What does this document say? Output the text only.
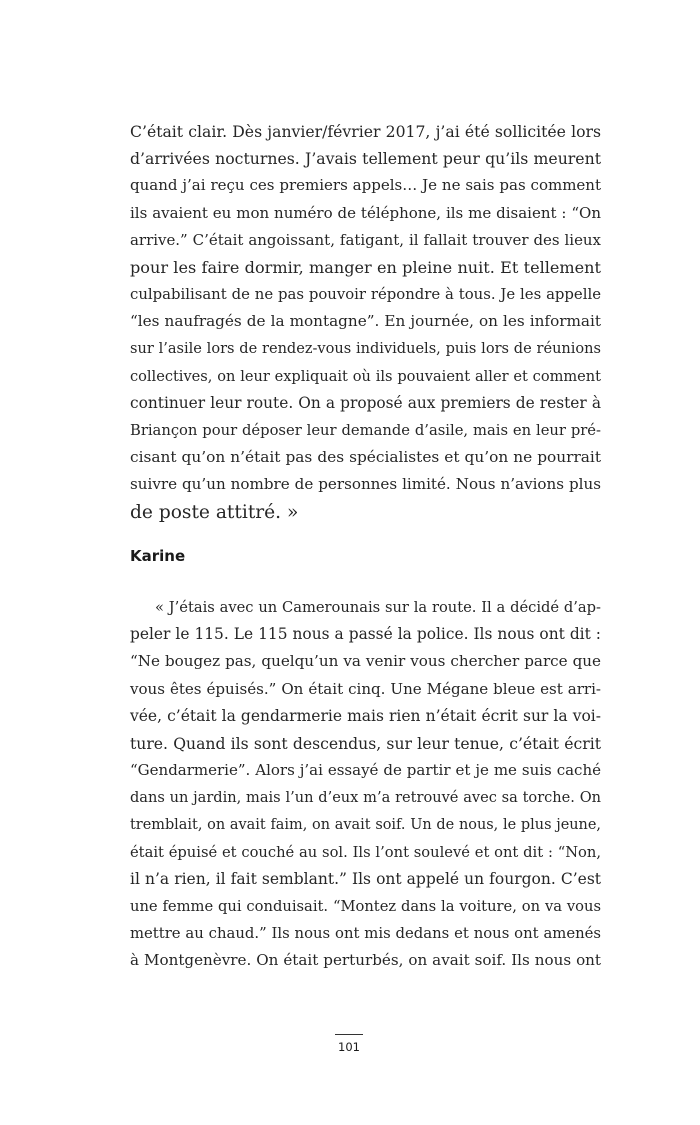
C’était clair. Dès janvier/février 2017, j’ai été sollicitée lors
d’arrivées nocturnes. J’avais tellement peur qu’ils meurent
quand j’ai reçu ces premiers appels… Je ne sais pas comment
ils avaient eu mon numéro de téléphone, ils me disaient : “On
arrive.” C’était angoissant, fatigant, il fallait trouver des lieux
pour les faire dormir, manger en pleine nuit. Et tellement
culpabilisant de ne pas pouvoir répondre à tous. Je les appelle
“les naufragés de la montagne”. En journée, on les informait
sur l’asile lors de rendez-vous individuels, puis lors de réunions
collectives, on leur expliquait où ils pouvaient aller et comment
continuer leur route. On a proposé aux premiers de rester à
Briançon pour déposer leur demande d’asile, mais en leur pré-
cisant qu’on n’était pas des spécialistes et qu’on ne pourrait
suivre qu’un nombre de personnes limité. Nous n’avions plus
de poste attitré. »
Karine
« J’étais avec un Camerounais sur la route. Il a décidé d’ap-
peler le 115. Le 115 nous a passé la police. Ils nous ont dit :
“Ne bougez pas, quelqu’un va venir vous chercher parce que
vous êtes épuisés.” On était cinq. Une Mégane bleue est arri-
vée, c’était la gendarmerie mais rien n’était écrit sur la voi-
ture. Quand ils sont descendus, sur leur tenue, c’était écrit
“Gendarmerie”. Alors j’ai essayé de partir et je me suis caché
dans un jardin, mais l’un d’eux m’a retrouvé avec sa torche. On
tremblait, on avait faim, on avait soif. Un de nous, le plus jeune,
était épuisé et couché au sol. Ils l’ont soulevé et ont dit : “Non,
il n’a rien, il fait semblant.” Ils ont appelé un fourgon. C’est
une femme qui conduisait. “Montez dans la voiture, on va vous
mettre au chaud.” Ils nous ont mis dedans et nous ont amenés
à Montgenèvre. On était perturbés, on avait soif. Ils nous ont
101
